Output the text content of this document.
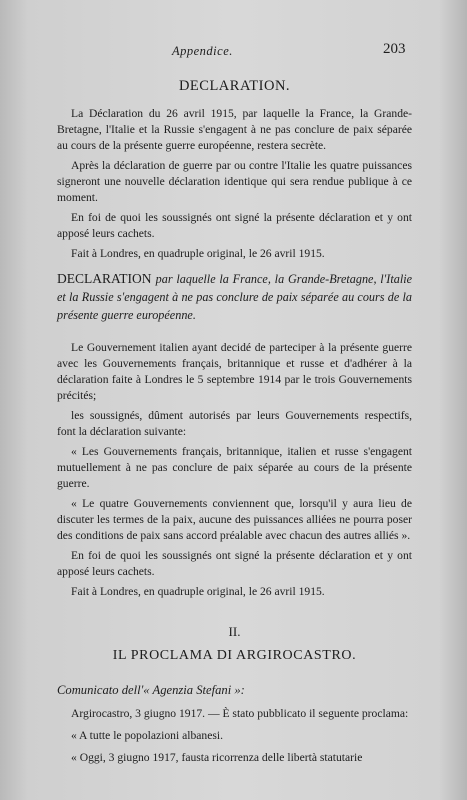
Appendice.	203
DECLARATION.

La Déclaration du 26 avril 1915, par laquelle la France, la Grande-Bretagne, l'Italie et la Russie s'engagent à ne pas conclure de paix séparée au cours de la présente guerre européenne, restera secrète.

Après la déclaration de guerre par ou contre l'Italie les quatre puissances signeront une nouvelle déclaration identique qui sera rendue publique à ce moment.

En foi de quoi les soussignés ont signé la présente déclaration et y ont apposé leurs cachets.

Fait à Londres, en quadruple original, le 26 avril 1915.

DECLARATION par laquelle la France, la Grande-Bretagne, l'Italie et la Russie s'engagent à ne pas conclure de paix séparée au cours de la présente guerre européenne.

Le Gouvernement italien ayant decidé de parteciper à la présente guerre avec les Gouvernements français, britannique et russe et d'adhérer à la déclaration faite à Londres le 5 septembre 1914 par le trois Gouvernements précités;

les soussignés, dûment autorisés par leurs Gouvernements respectifs, font la déclaration suivante:

« Les Gouvernements français, britannique, italien et russe s'engagent mutuellement à ne pas conclure de paix séparée au cours de la présente guerre.

« Le quatre Gouvernements conviennent que, lorsqu'il y aura lieu de discuter les termes de la paix, aucune des puissances alliées ne pourra poser des conditions de paix sans accord préalable avec chacun des autres alliés ».

En foi de quoi les soussignés ont signé la présente déclaration et y ont apposé leurs cachets.

Fait à Londres, en quadruple original, le 26 avril 1915.

II.
IL PROCLAMA DI ARGIROCASTRO.

Comunicato dell'« Agenzia Stefani »:

Argirocastro, 3 giugno 1917. — È stato pubblicato il seguente proclama:

« A tutte le popolazioni albanesi.

« Oggi, 3 giugno 1917, fausta ricorrenza delle libertà statutarie
